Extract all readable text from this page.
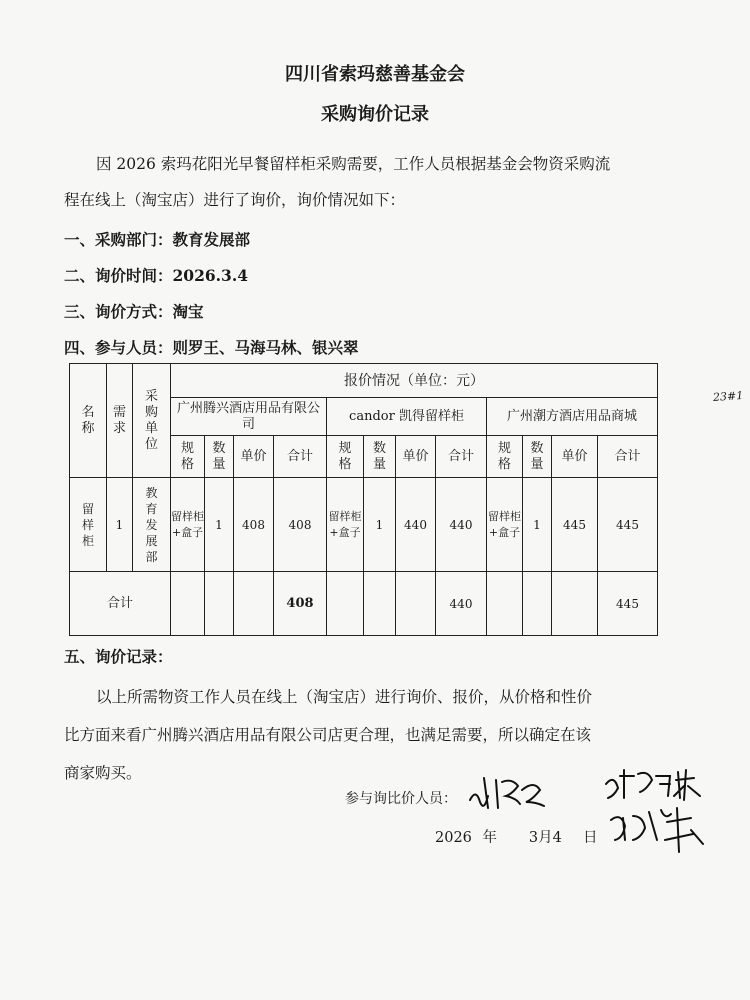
四川省索玛慈善基金会
采购询价记录
因 2026 索玛花阳光早餐留样柜采购需要，工作人员根据基金会物资采购流
程在线上（淘宝店）进行了询价，询价情况如下：
一、采购部门：教育发展部
二、询价时间：2026.3.4
三、询价方式：淘宝
四、参与人员：则罗王、马海马林、银兴翠
名称	需求	采购单位	报价情况（单位：元）											
			广州腾兴酒店用品有限公司				candor 凯得留样柜				广州潮方酒店用品商城			

			规格	数量	单价	合计	规格	数量	单价	合计	规格	数量	单价	合计

留样柜	1	教育发展部	留样柜+盒子	1	408	408	留样柜+盒子	1	440	440	留样柜+盒子	1	445	445
合计						408				440				445
23#1
五、询价记录：
以上所需物资工作人员在线上（淘宝店）进行询价、报价，从价格和性价
比方面来看广州腾兴酒店用品有限公司店更合理，也满足需要，所以确定在该
商家购买。
参与询比价人员：
2026 年 3月4 日
